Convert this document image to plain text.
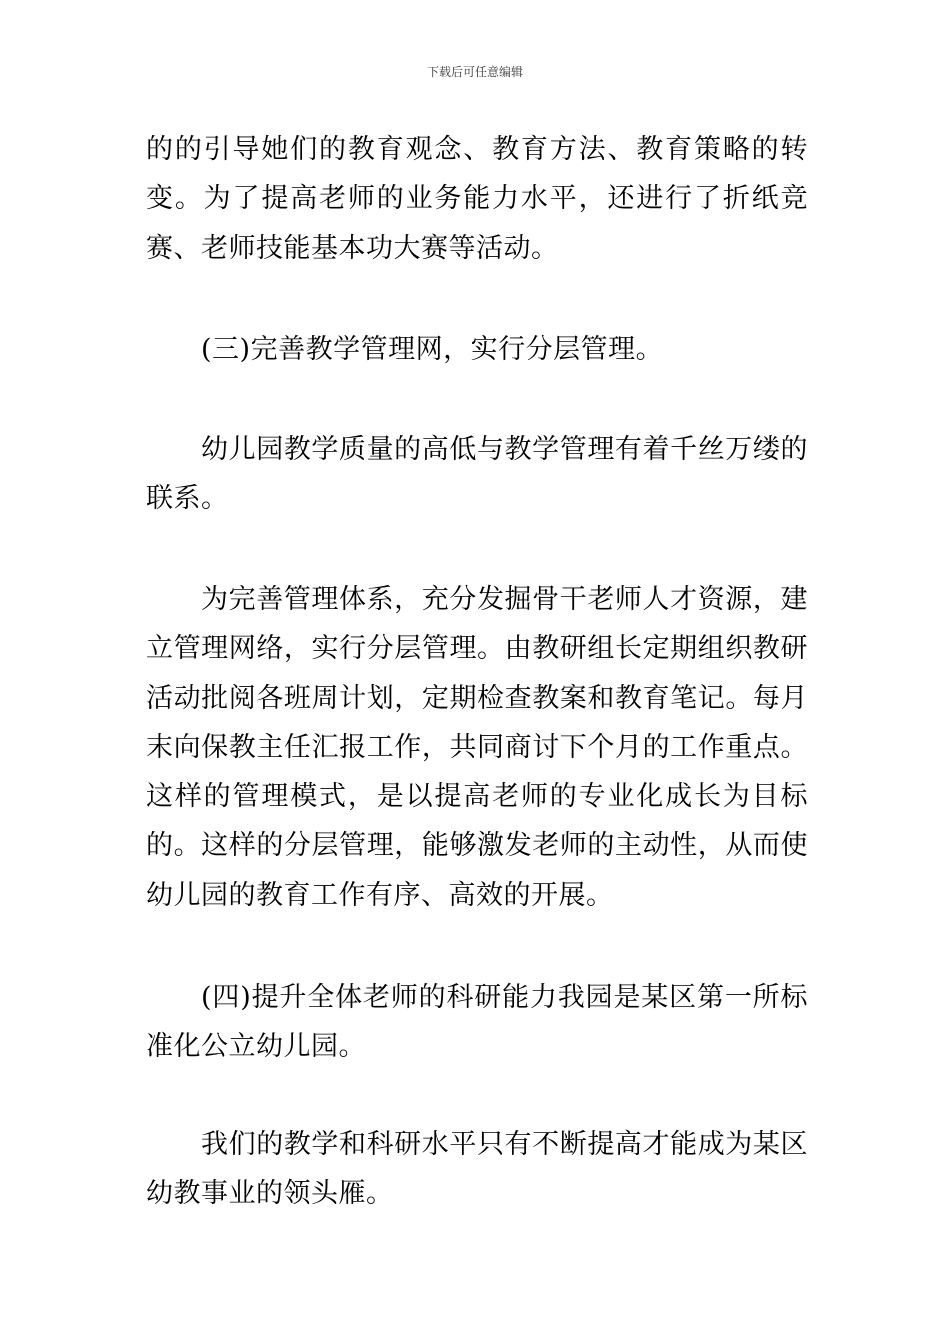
下载后可任意编辑

的的引导她们的教育观念、教育方法、教育策略的转变。为了提高老师的业务能力水平，还进行了折纸竞赛、老师技能基本功大赛等活动。

(三)完善教学管理网，实行分层管理。

幼儿园教学质量的高低与教学管理有着千丝万缕的联系。

为完善管理体系，充分发掘骨干老师人才资源，建立管理网络，实行分层管理。由教研组长定期组织教研活动批阅各班周计划，定期检查教案和教育笔记。每月末向保教主任汇报工作，共同商讨下个月的工作重点。这样的管理模式，是以提高老师的专业化成长为目标的。这样的分层管理，能够激发老师的主动性，从而使幼儿园的教育工作有序、高效的开展。

(四)提升全体老师的科研能力我园是某区第一所标准化公立幼儿园。

我们的教学和科研水平只有不断提高才能成为某区幼教事业的领头雁。
